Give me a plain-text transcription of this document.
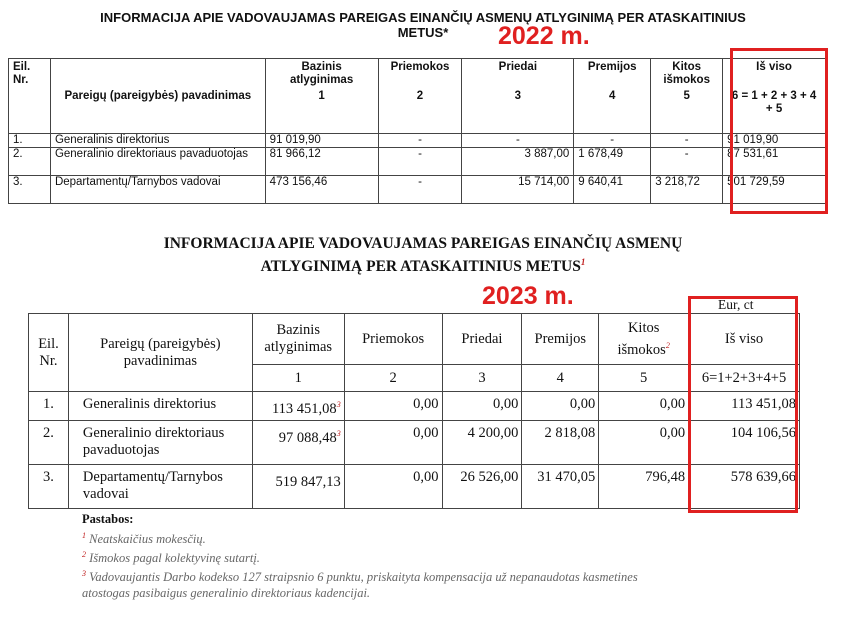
INFORMACIJA APIE VADOVAUJAMAS PAREIGAS EINANČIŲ ASMENŲ ATLYGINIMĄ PER ATASKAITINIUS
METUS*	2022 m.
Eil. Nr.	Pareigų (pareigybės) pavadinimas	Bazinis atlyginimas	Priemokos	Priedai	Premijos	Kitos išmokos	Iš viso
		1	2	3	4	5	6 = 1 + 2 + 3 + 4 + 5
1.	Generalinis direktorius	91 019,90	-	-	-	-	91 019,90
2.	Generalinio direktoriaus pavaduotojas	81 966,12	-	3 887,00	1 678,49	-	87 531,61
3.	Departamentų/Tarnybos vadovai	473 156,46	-	15 714,00	9 640,41	3 218,72	501 729,59
INFORMACIJA APIE VADOVAUJAMAS PAREIGAS EINANČIŲ ASMENŲ
ATLYGINIMĄ PER ATASKAITINIUS METUS$^1$
2023 m.	Eur, ct
Eil. Nr.	Pareigų (pareigybės) pavadinimas	Bazinis atlyginimas	Priemokos	Priedai	Premijos	Kitos išmokos$^2$	Iš viso
		1	2	3	4	5	6=1+2+3+4+5
1.	Generalinis direktorius	113 451,08$^3$	0,00	0,00	0,00	0,00	113 451,08
2.	Generalinio direktoriaus pavaduotojas	97 088,48$^3$	0,00	4 200,00	2 818,08	0,00	104 106,56
3.	Departamentų/Tarnybos vadovai	519 847,13	0,00	26 526,00	31 470,05	796,48	578 639,66
Pastabos:
$^1$ Neatskaičius mokesčių.
$^2$ Išmokos pagal kolektyvinę sutartį.
$^3$ Vadovaujantis Darbo kodekso 127 straipsnio 6 punktu, priskaityta kompensacija už nepanaudotas kasmetines
atostogas pasibaigus generalinio direktoriaus kadencijai.
